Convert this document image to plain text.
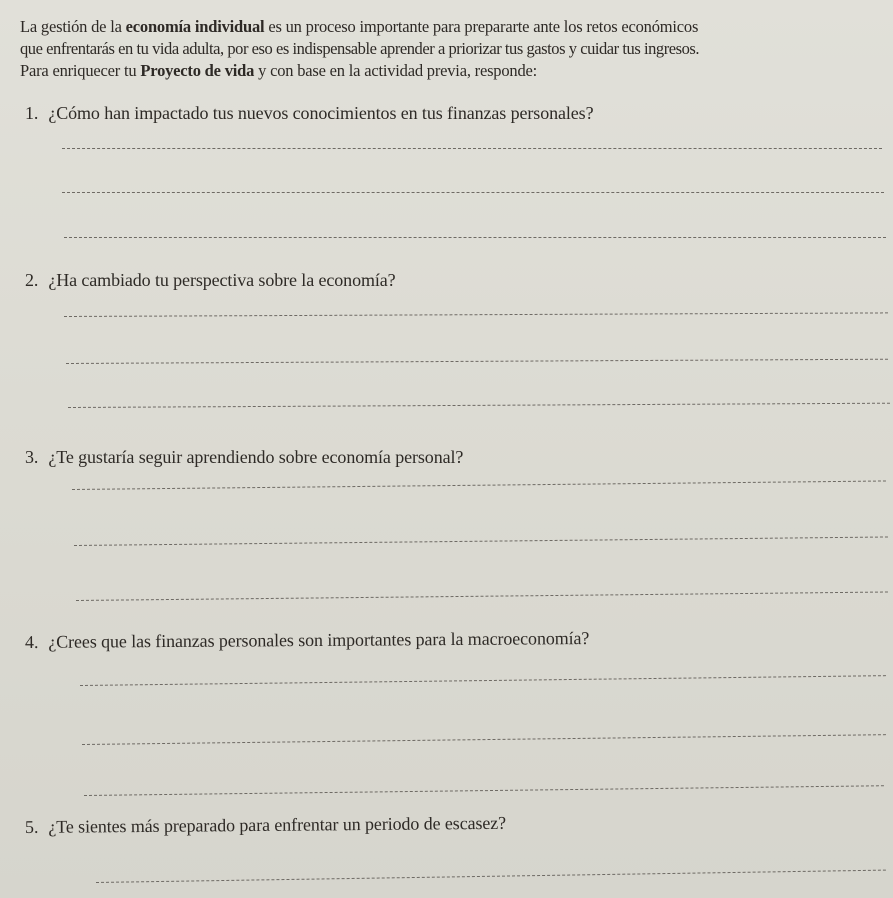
La gestión de la economía individual es un proceso importante para prepararte ante los retos económicos

que enfrentarás en tu vida adulta, por eso es indispensable aprender a priorizar tus gastos y cuidar tus ingresos.

Para enriquecer tu Proyecto de vida y con base en la actividad previa, responde:

1. ¿Cómo han impactado tus nuevos conocimientos en tus finanzas personales?
2. ¿Ha cambiado tu perspectiva sobre la economía?
3. ¿Te gustaría seguir aprendiendo sobre economía personal?
4. ¿Crees que las finanzas personales son importantes para la macroeconomía?
5. ¿Te sientes más preparado para enfrentar un periodo de escasez?
